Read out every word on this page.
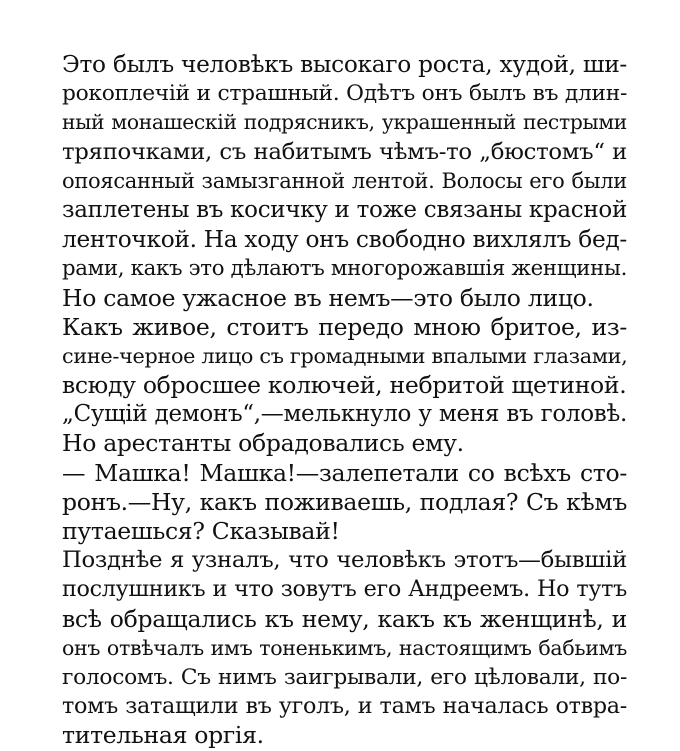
Это былъ человѣкъ высокаго роста, худой, ши-
рокоплечій и страшный. Одѣтъ онъ былъ въ длин-
ный монашескій подрясникъ, украшенный пестрыми
тряпочками, съ набитымъ чѣмъ-то „бюстомъ“ и
опоясанный замызганной лентой. Волосы его были
заплетены въ косичку и тоже связаны красной
ленточкой. На ходу онъ свободно вихлялъ бед-
рами, какъ это дѣлаютъ многорожавшія женщины.
Но самое ужасное въ немъ—это было лицо.
Какъ живое, стоитъ передо мною бритое, из-
сине-черное лицо съ громадными впалыми глазами,
всюду обросшее колючей, небритой щетиной.
„Сущій демонъ“,—мелькнуло у меня въ головѣ.
Но арестанты обрадовались ему.
— Машка! Машка!—залепетали со всѣхъ сто-
ронъ.—Ну, какъ поживаешь, подлая? Съ кѣмъ
путаешься? Сказывай!
Позднѣе я узналъ, что человѣкъ этотъ—бывшій
послушникъ и что зовутъ его Андреемъ. Но тутъ
всѣ обращались къ нему, какъ къ женщинѣ, и
онъ отвѣчалъ имъ тоненькимъ, настоящимъ бабьимъ
голосомъ. Съ нимъ заигрывали, его цѣловали, по-
томъ затащили въ уголъ, и тамъ началась отвра-
тительная оргія.
